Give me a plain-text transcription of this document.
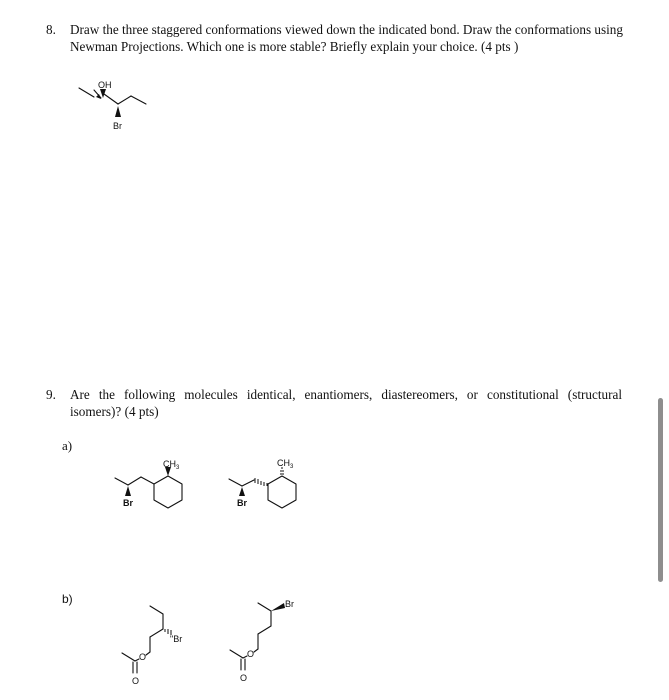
8. Draw the three staggered conformations viewed down the indicated bond. Draw the conformations using Newman Projections. Which one is more stable? Briefly explain your choice. (4 pts )
OH
Br
9. Are the following molecules identical, enantiomers, diastereomers, or constitutional (structural isomers)? (4 pts)
a)
b)
$CH_3$
Br
$CH_3$
Br
"Br
O
O
Br
O
O
